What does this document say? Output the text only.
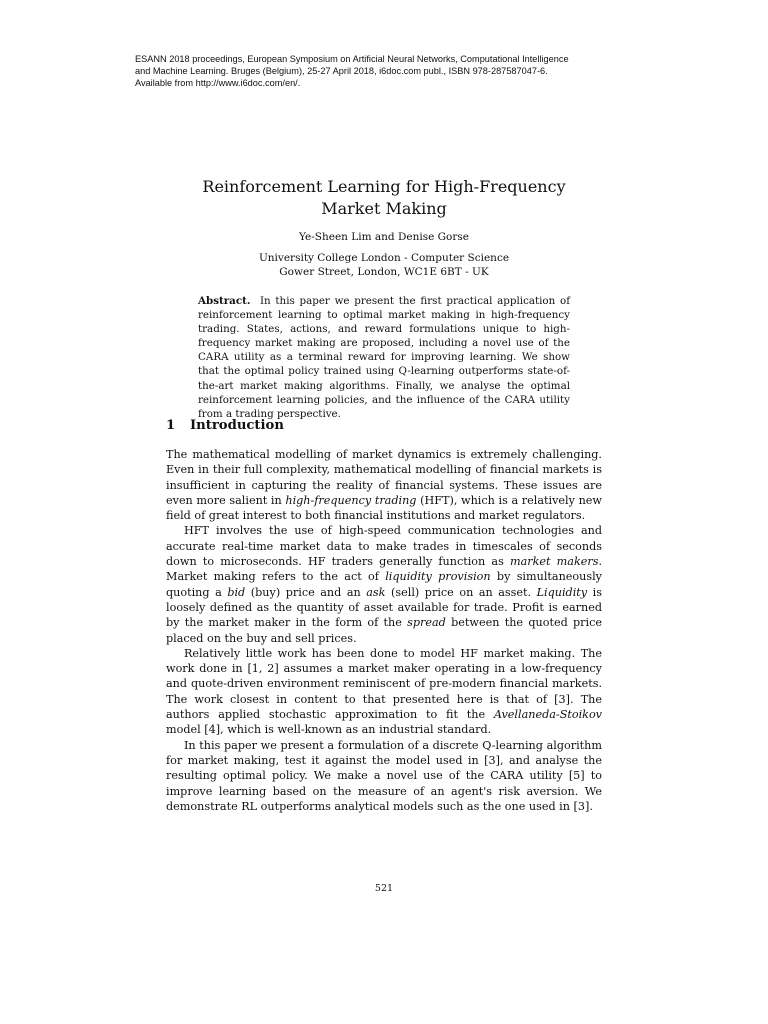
ESANN 2018 proceedings, European Symposium on Artificial Neural Networks, Computational Intelligence
and Machine Learning. Bruges (Belgium), 25-27 April 2018, i6doc.com publ., ISBN 978-287587047-6.
Available from http://www.i6doc.com/en/.
Reinforcement Learning for High-Frequency
Market Making
Ye-Sheen Lim and Denise Gorse
University College London - Computer Science
Gower Street, London, WC1E 6BT - UK

Abstract. In this paper we present the first practical application of reinforcement learning to optimal market making in high-frequency trading. States, actions, and reward formulations unique to high-frequency market making are proposed, including a novel use of the CARA utility as a terminal reward for improving learning. We show that the optimal policy trained using Q-learning outperforms state-of-the-art market making algorithms. Finally, we analyse the optimal reinforcement learning policies, and the influence of the CARA utility from a trading perspective.

1 Introduction

The mathematical modelling of market dynamics is extremely challenging. Even in their full complexity, mathematical modelling of financial markets is insufficient in capturing the reality of financial systems. These issues are even more salient in high-frequency trading (HFT), which is a relatively new field of great interest to both financial institutions and market regulators.

HFT involves the use of high-speed communication technologies and accurate real-time market data to make trades in timescales of seconds down to microseconds. HF traders generally function as market makers. Market making refers to the act of liquidity provision by simultaneously quoting a bid (buy) price and an ask (sell) price on an asset. Liquidity is loosely defined as the quantity of asset available for trade. Profit is earned by the market maker in the form of the spread between the quoted price placed on the buy and sell prices.

Relatively little work has been done to model HF market making. The work done in [1, 2] assumes a market maker operating in a low-frequency and quote-driven environment reminiscent of pre-modern financial markets. The work closest in content to that presented here is that of [3]. The authors applied stochastic approximation to fit the Avellaneda-Stoikov model [4], which is well-known as an industrial standard.

In this paper we present a formulation of a discrete Q-learning algorithm for market making, test it against the model used in [3], and analyse the resulting optimal policy. We make a novel use of the CARA utility [5] to improve learning based on the measure of an agent's risk aversion. We demonstrate RL outperforms analytical models such as the one used in [3].

521
